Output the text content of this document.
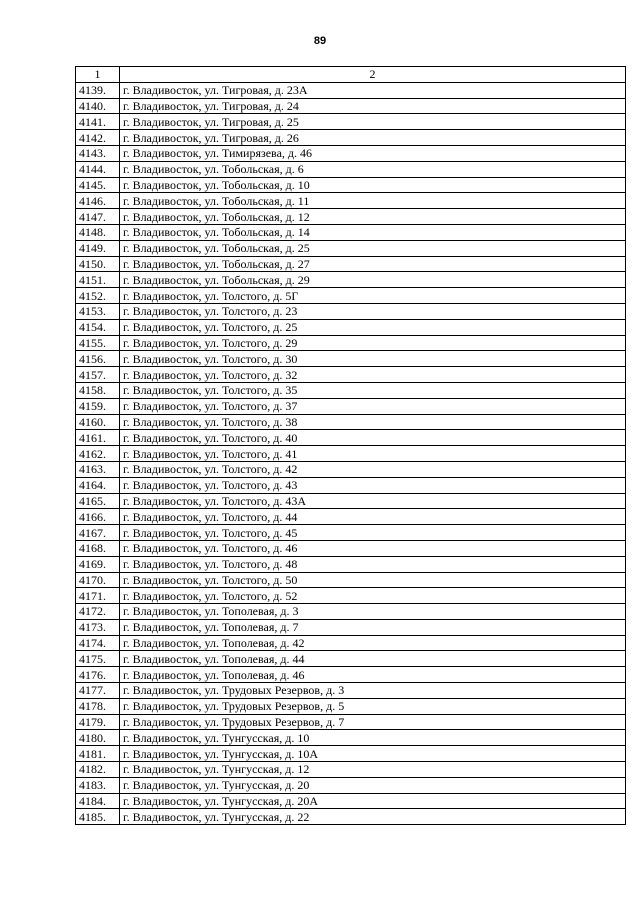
89
1	2
4139.	г. Владивосток, ул. Тигровая, д. 23А
4140.	г. Владивосток, ул. Тигровая, д. 24
4141.	г. Владивосток, ул. Тигровая, д. 25
4142.	г. Владивосток, ул. Тигровая, д. 26
4143.	г. Владивосток, ул. Тимирязева, д. 46
4144.	г. Владивосток, ул. Тобольская, д. 6
4145.	г. Владивосток, ул. Тобольская, д. 10
4146.	г. Владивосток, ул. Тобольская, д. 11
4147.	г. Владивосток, ул. Тобольская, д. 12
4148.	г. Владивосток, ул. Тобольская, д. 14
4149.	г. Владивосток, ул. Тобольская, д. 25
4150.	г. Владивосток, ул. Тобольская, д. 27
4151.	г. Владивосток, ул. Тобольская, д. 29
4152.	г. Владивосток, ул. Толстого, д. 5Г
4153.	г. Владивосток, ул. Толстого, д. 23
4154.	г. Владивосток, ул. Толстого, д. 25
4155.	г. Владивосток, ул. Толстого, д. 29
4156.	г. Владивосток, ул. Толстого, д. 30
4157.	г. Владивосток, ул. Толстого, д. 32
4158.	г. Владивосток, ул. Толстого, д. 35
4159.	г. Владивосток, ул. Толстого, д. 37
4160.	г. Владивосток, ул. Толстого, д. 38
4161.	г. Владивосток, ул. Толстого, д. 40
4162.	г. Владивосток, ул. Толстого, д. 41
4163.	г. Владивосток, ул. Толстого, д. 42
4164.	г. Владивосток, ул. Толстого, д. 43
4165.	г. Владивосток, ул. Толстого, д. 43А
4166.	г. Владивосток, ул. Толстого, д. 44
4167.	г. Владивосток, ул. Толстого, д. 45
4168.	г. Владивосток, ул. Толстого, д. 46
4169.	г. Владивосток, ул. Толстого, д. 48
4170.	г. Владивосток, ул. Толстого, д. 50
4171.	г. Владивосток, ул. Толстого, д. 52
4172.	г. Владивосток, ул. Тополевая, д. 3
4173.	г. Владивосток, ул. Тополевая, д. 7
4174.	г. Владивосток, ул. Тополевая, д. 42
4175.	г. Владивосток, ул. Тополевая, д. 44
4176.	г. Владивосток, ул. Тополевая, д. 46
4177.	г. Владивосток, ул. Трудовых Резервов, д. 3
4178.	г. Владивосток, ул. Трудовых Резервов, д. 5
4179.	г. Владивосток, ул. Трудовых Резервов, д. 7
4180.	г. Владивосток, ул. Тунгусская, д. 10
4181.	г. Владивосток, ул. Тунгусская, д. 10А
4182.	г. Владивосток, ул. Тунгусская, д. 12
4183.	г. Владивосток, ул. Тунгусская, д. 20
4184.	г. Владивосток, ул. Тунгусская, д. 20А
4185.	г. Владивосток, ул. Тунгусская, д. 22
